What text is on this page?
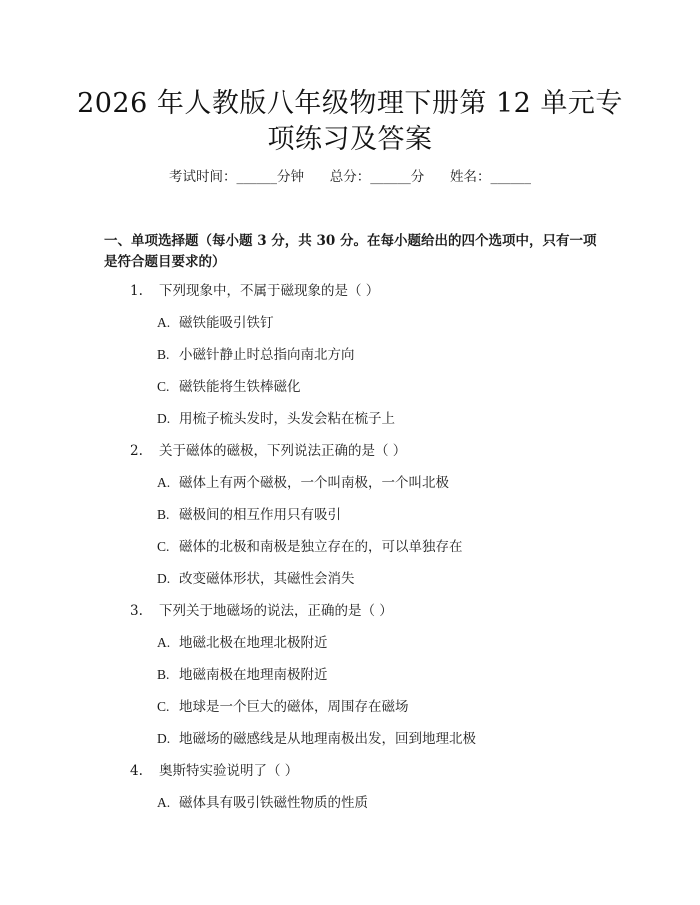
2026 年人教版八年级物理下册第 12 单元专
项练习及答案
考试时间：______分钟      总分：______分      姓名：______
一、单项选择题（每小题 3 分，共 30 分。在每小题给出的四个选项中，只有一项
是符合题目要求的）
1. 下列现象中，不属于磁现象的是（ ）
A. 磁铁能吸引铁钉
B. 小磁针静止时总指向南北方向
C. 磁铁能将生铁棒磁化
D. 用梳子梳头发时，头发会粘在梳子上
2. 关于磁体的磁极，下列说法正确的是（ ）
A. 磁体上有两个磁极，一个叫南极，一个叫北极
B. 磁极间的相互作用只有吸引
C. 磁体的北极和南极是独立存在的，可以单独存在
D. 改变磁体形状，其磁性会消失
3. 下列关于地磁场的说法，正确的是（ ）
A. 地磁北极在地理北极附近
B. 地磁南极在地理南极附近
C. 地球是一个巨大的磁体，周围存在磁场
D. 地磁场的磁感线是从地理南极出发，回到地理北极
4. 奥斯特实验说明了（ ）
A. 磁体具有吸引铁磁性物质的性质
